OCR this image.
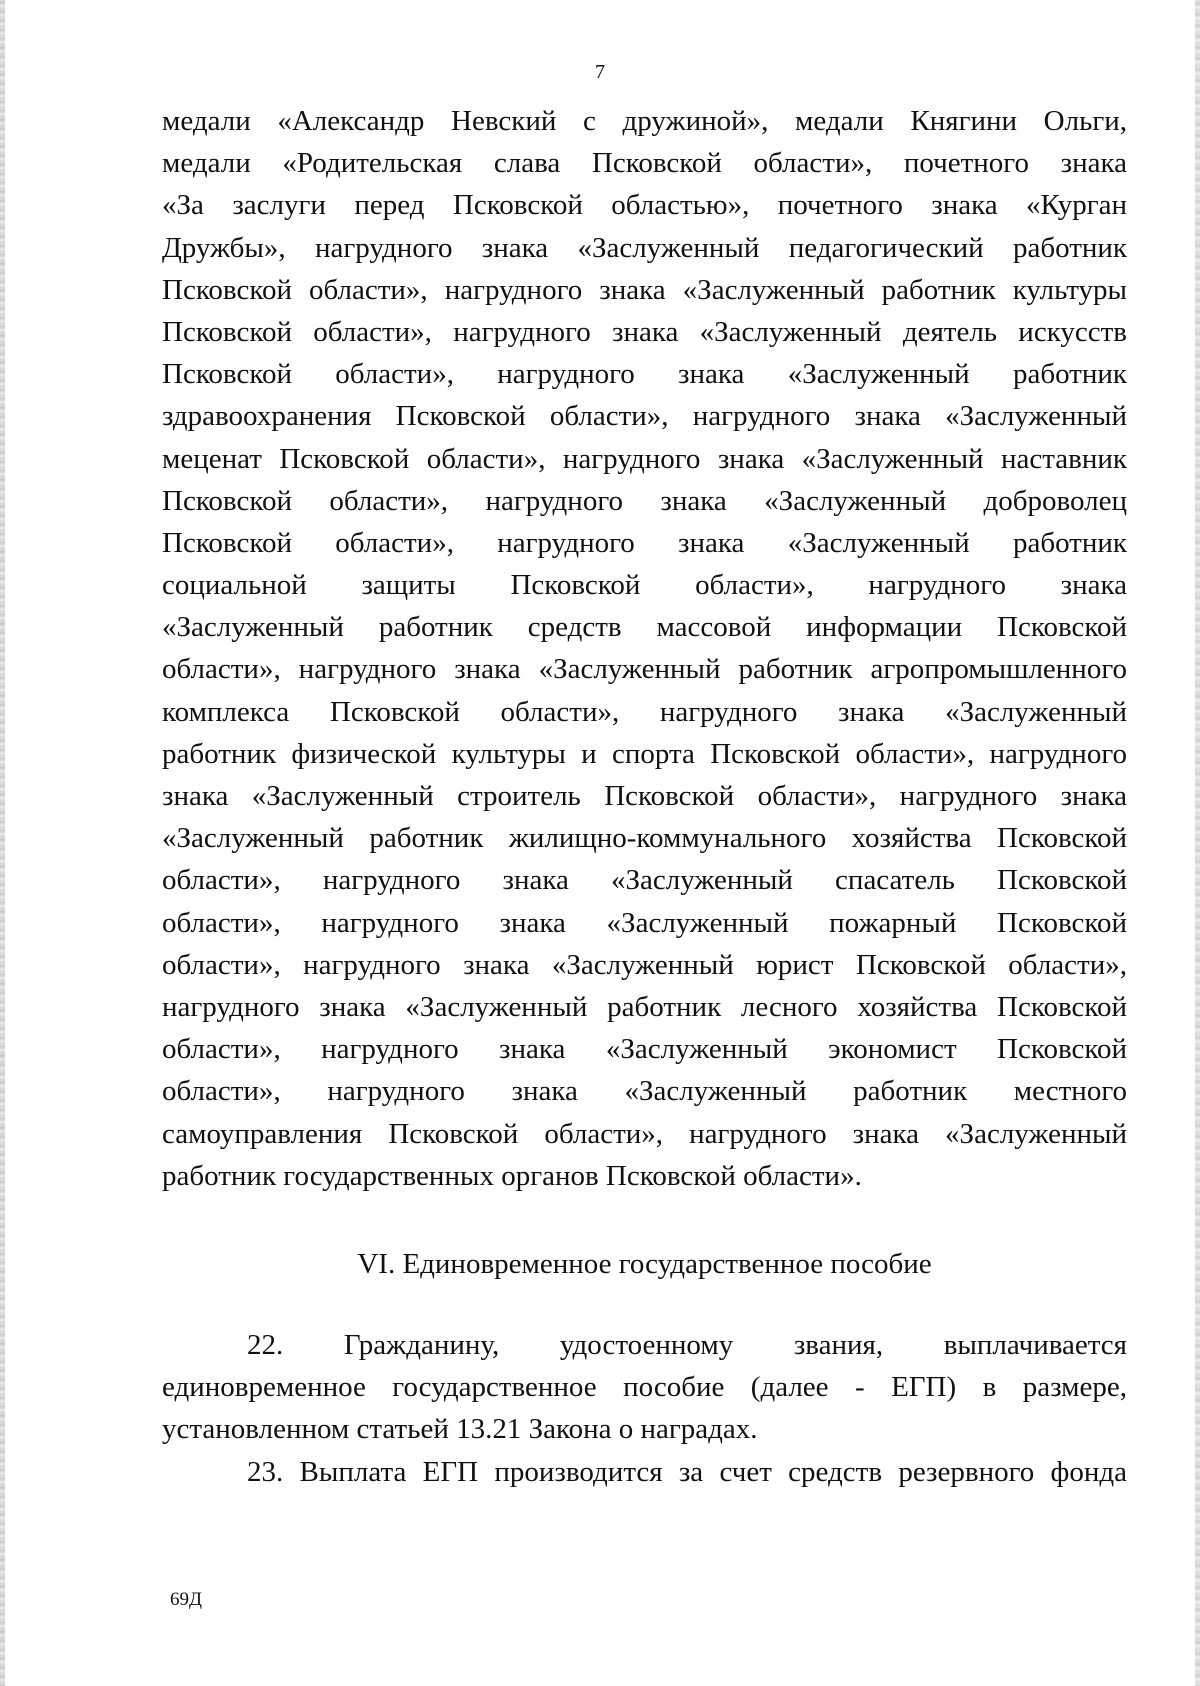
7
медали «Александр Невский с дружиной», медали Княгини Ольги,
медали «Родительская слава Псковской области», почетного знака
«За заслуги перед Псковской областью», почетного знака «Курган
Дружбы», нагрудного знака «Заслуженный педагогический работник
Псковской области», нагрудного знака «Заслуженный работник культуры
Псковской области», нагрудного знака «Заслуженный деятель искусств
Псковской области», нагрудного знака «Заслуженный работник
здравоохранения Псковской области», нагрудного знака «Заслуженный
меценат Псковской области», нагрудного знака «Заслуженный наставник
Псковской области», нагрудного знака «Заслуженный доброволец
Псковской области», нагрудного знака «Заслуженный работник
социальной защиты Псковской области», нагрудного знака
«Заслуженный работник средств массовой информации Псковской
области», нагрудного знака «Заслуженный работник агропромышленного
комплекса Псковской области», нагрудного знака «Заслуженный
работник физической культуры и спорта Псковской области», нагрудного
знака «Заслуженный строитель Псковской области», нагрудного знака
«Заслуженный работник жилищно-коммунального хозяйства Псковской
области», нагрудного знака «Заслуженный спасатель Псковской
области», нагрудного знака «Заслуженный пожарный Псковской
области», нагрудного знака «Заслуженный юрист Псковской области»,
нагрудного знака «Заслуженный работник лесного хозяйства Псковской
области», нагрудного знака «Заслуженный экономист Псковской
области», нагрудного знака «Заслуженный работник местного
самоуправления Псковской области», нагрудного знака «Заслуженный
работник государственных органов Псковской области».
VI. Единовременное государственное пособие
22. Гражданину, удостоенному звания, выплачивается
единовременное государственное пособие (далее - ЕГП) в размере,
установленном статьей 13.21 Закона о наградах.
23. Выплата ЕГП производится за счет средств резервного фонда
69Д
